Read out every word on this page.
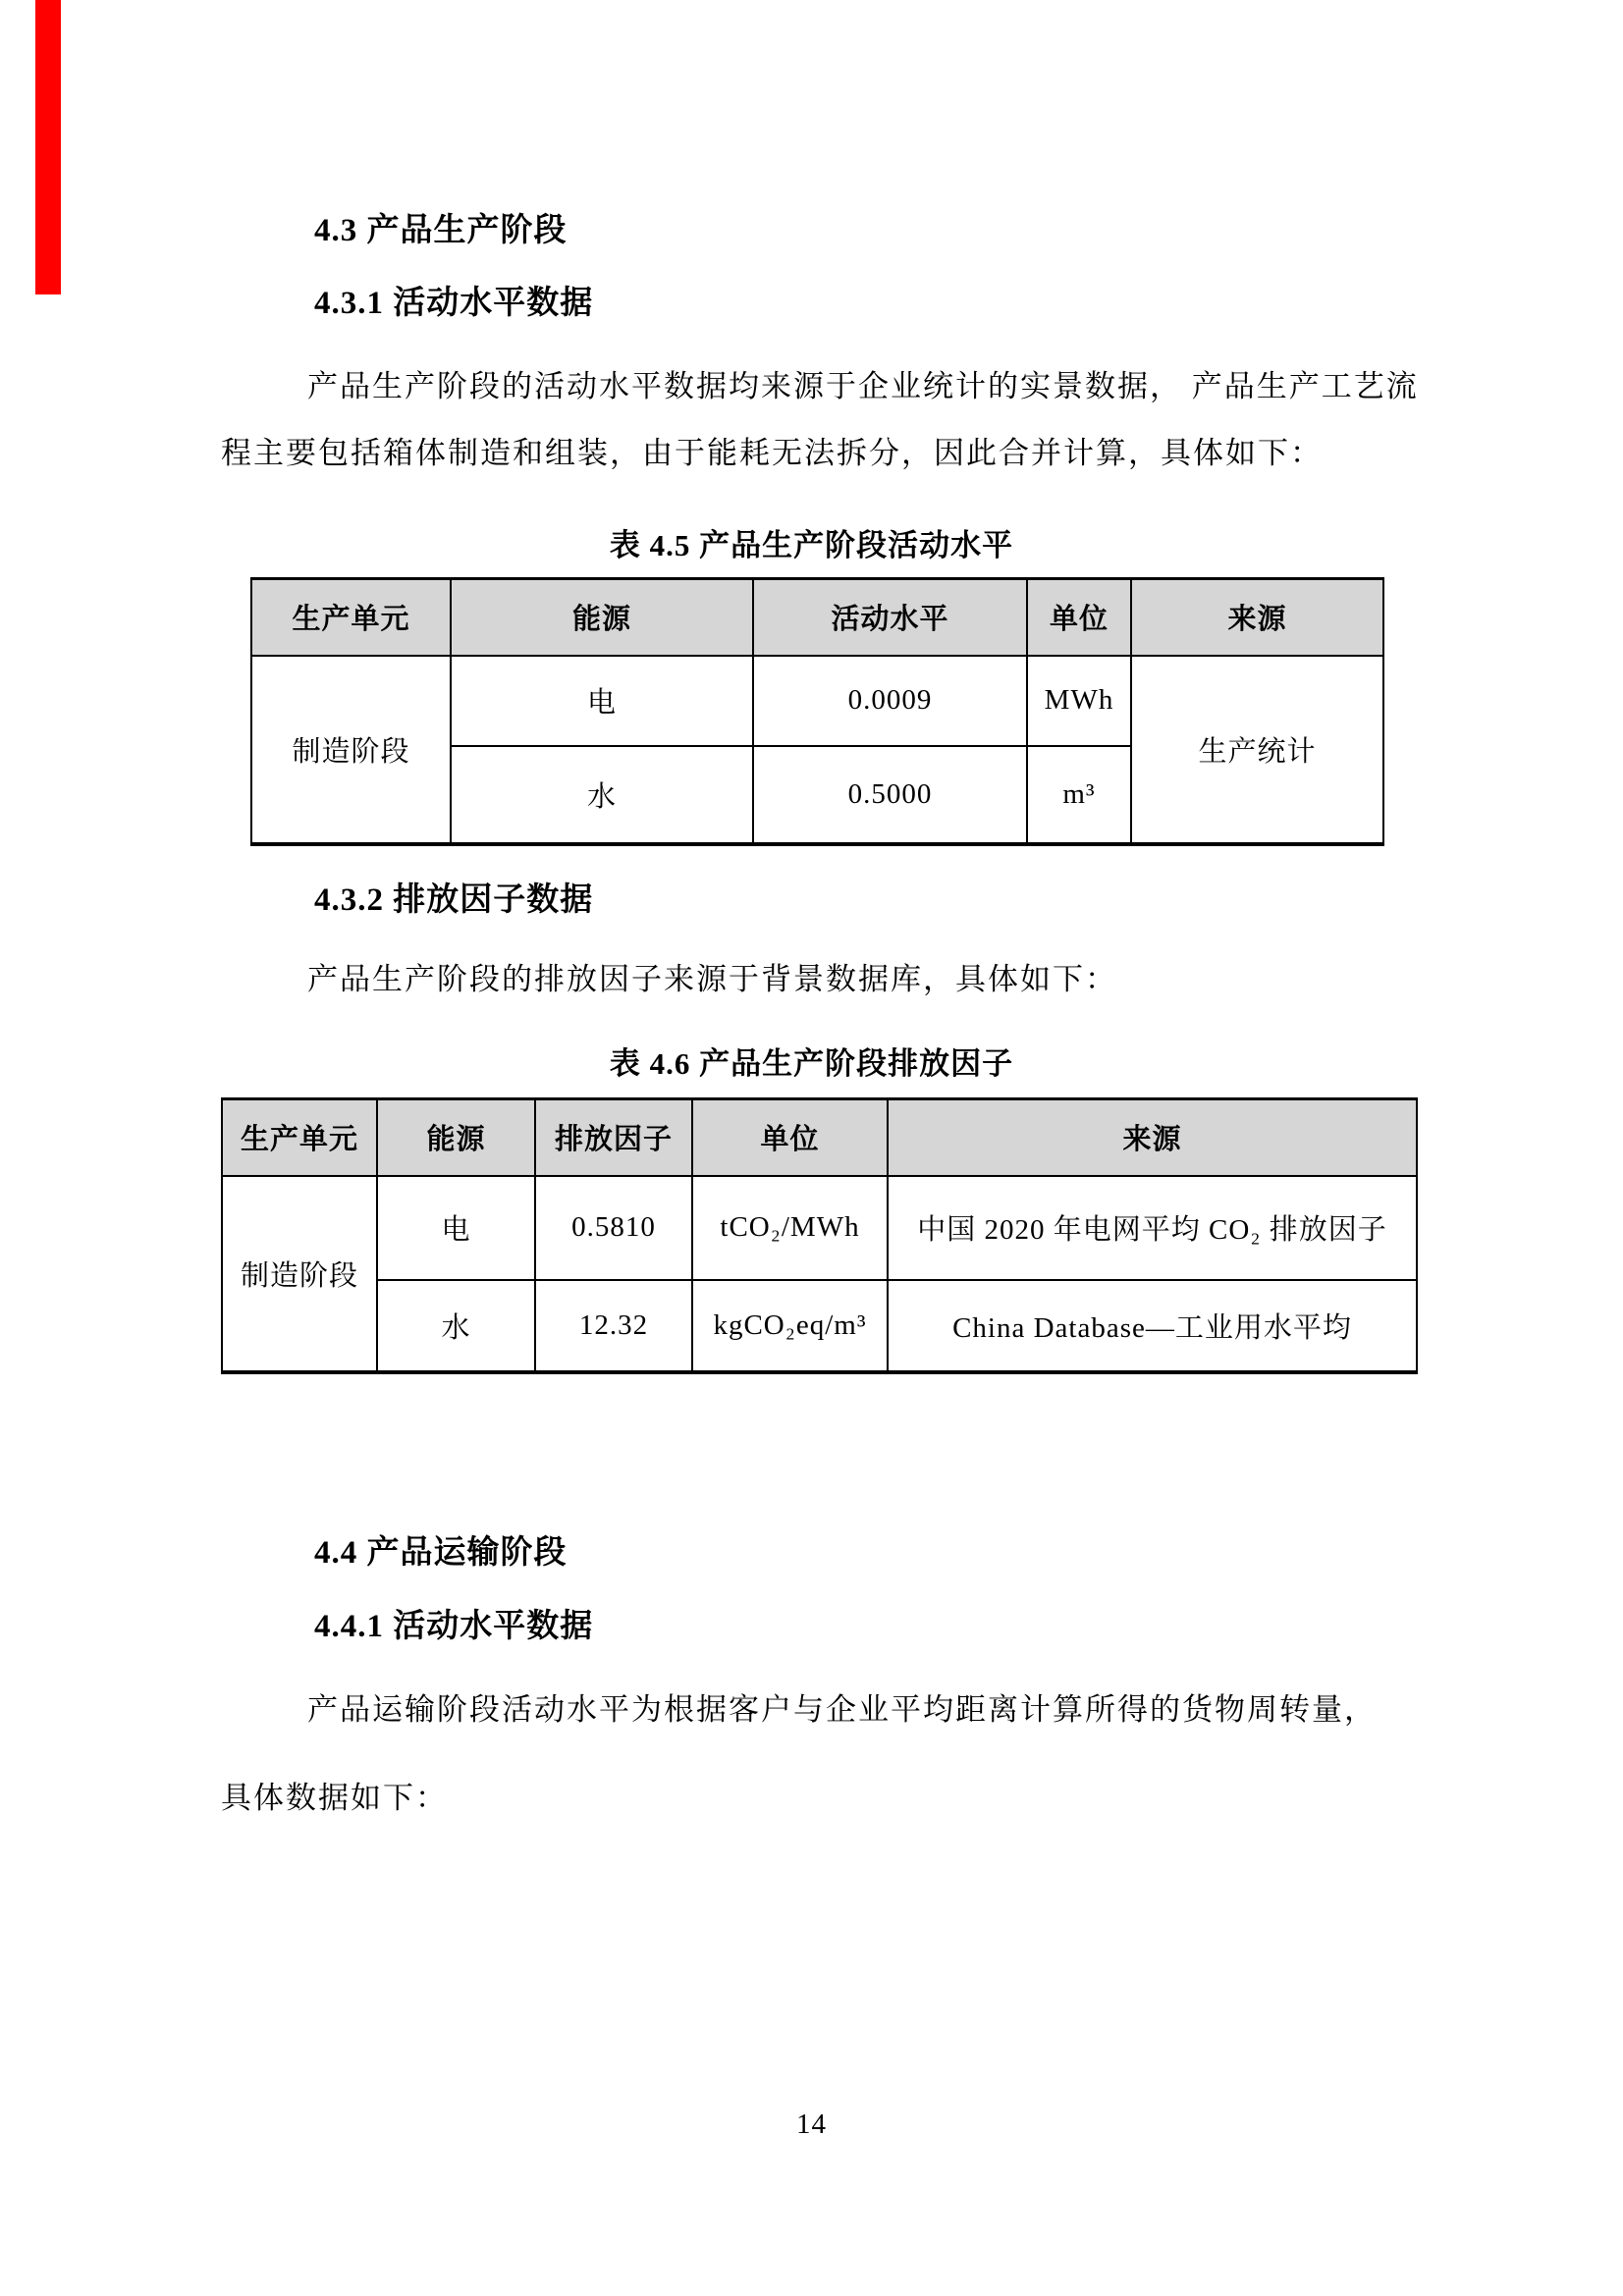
4.3 产品生产阶段
4.3.1 活动水平数据
产品生产阶段的活动水平数据均来源于企业统计的实景数据， 产品生产工艺流
程主要包括箱体制造和组装，由于能耗无法拆分，因此合并计算，具体如下：
表 4.5 产品生产阶段活动水平
生产单元	能源	活动水平	单位	来源
制造阶段	电	0.0009	MWh	生产统计
	水	0.5000	m³	
4.3.2 排放因子数据
产品生产阶段的排放因子来源于背景数据库，具体如下：
表 4.6 产品生产阶段排放因子
生产单元	能源	排放因子	单位	来源
制造阶段	电	0.5810	tCO₂/MWh	中国 2020 年电网平均 CO₂ 排放因子
	水	12.32	kgCO₂eq/m³	China Database—工业用水平均
4.4 产品运输阶段
4.4.1 活动水平数据
产品运输阶段活动水平为根据客户与企业平均距离计算所得的货物周转量，
具体数据如下：
14
